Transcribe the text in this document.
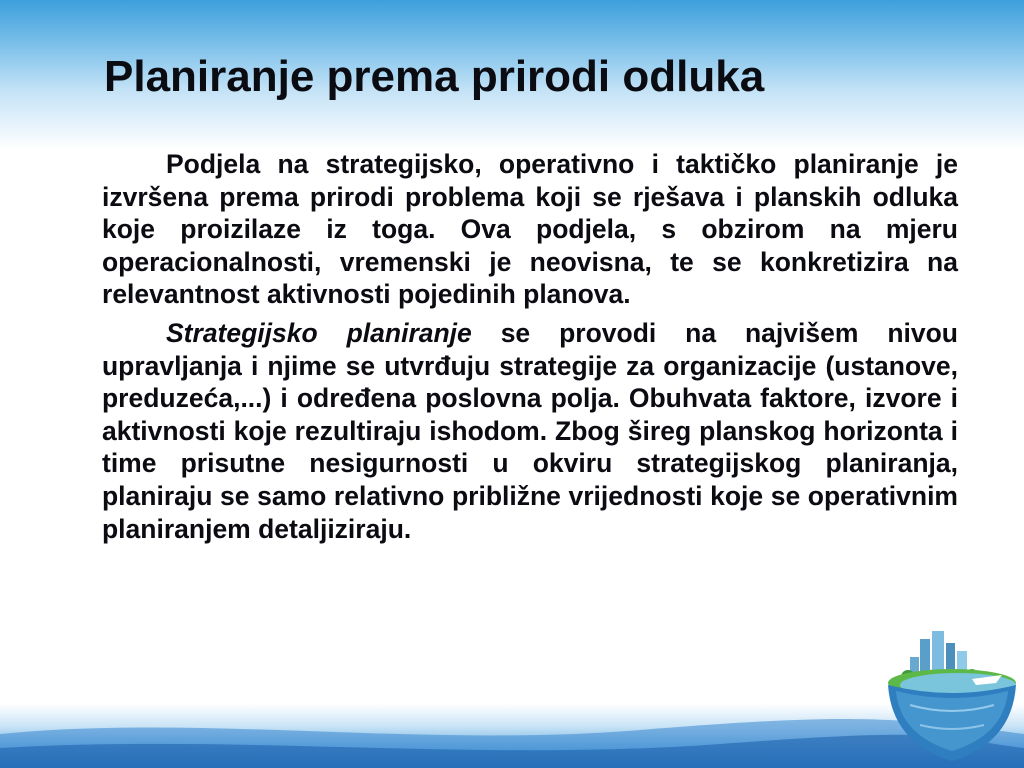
Planiranje prema prirodi odluka

Podjela na strategijsko, operativno i taktičko planiranje je izvršena prema prirodi problema koji se rješava i planskih odluka koje proizilaze iz toga. Ova podjela, s obzirom na mjeru operacionalnosti, vremenski je neovisna, te se konkretizira na relevantnost aktivnosti pojedinih planova.

Strategijsko planiranje se provodi na najvišem nivou upravljanja i njime se utvrđuju strategije za organizacije (ustanove, preduzeća,...) i određena poslovna polja. Obuhvata faktore, izvore i aktivnosti koje rezultiraju ishodom. Zbog šireg planskog horizonta i time prisutne nesigurnosti u okviru strategijskog planiranja, planiraju se samo relativno približne vrijednosti koje se operativnim planiranjem detaljiziraju.
